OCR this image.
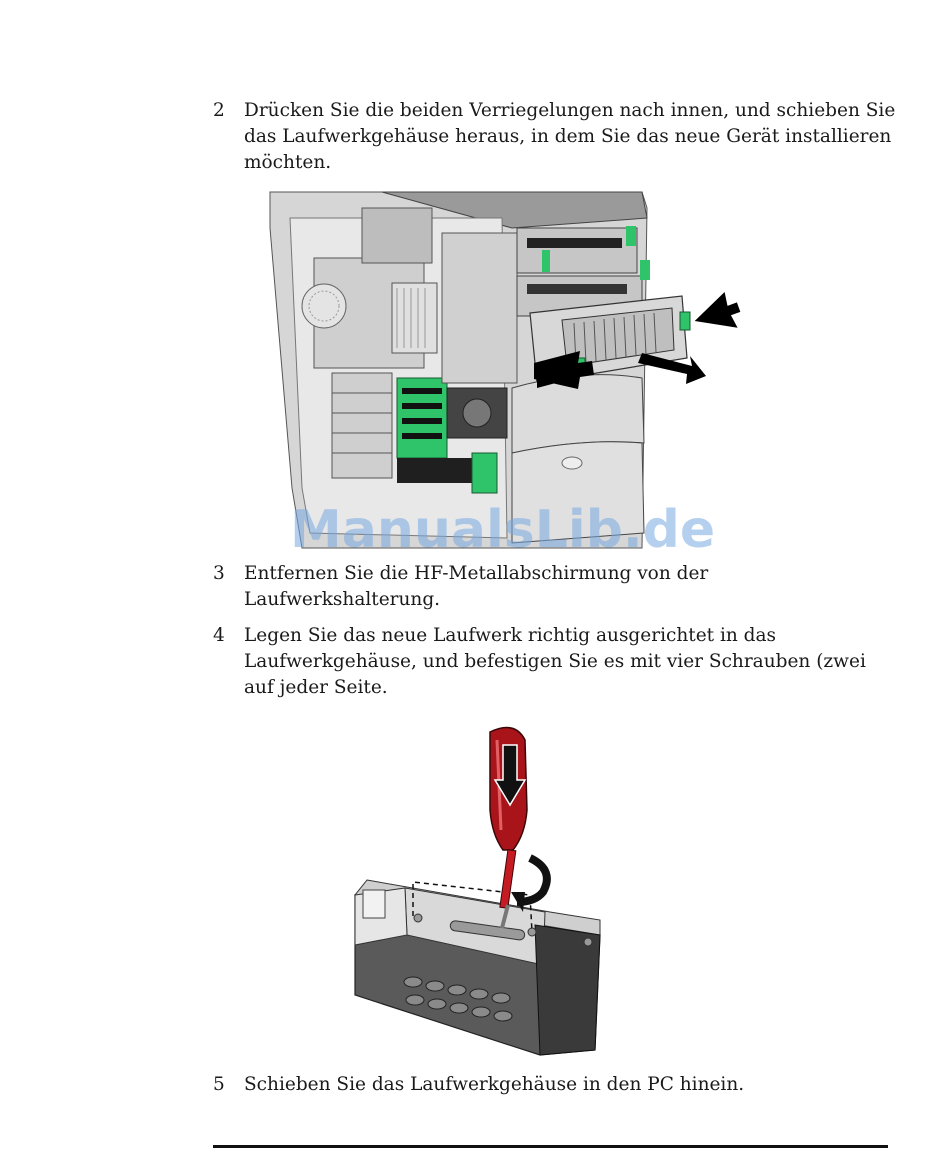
2	Drücken Sie die beiden Verriegelungen nach innen, und schieben Sie
das Laufwerkgehäuse heraus, in dem Sie das neue Gerät installieren
möchten.
ManualsLib.de
3	Entfernen Sie die HF-Metallabschirmung von der
Laufwerkshalterung.
4	Legen Sie das neue Laufwerk richtig ausgerichtet in das
Laufwerkgehäuse, und befestigen Sie es mit vier Schrauben (zwei
auf jeder Seite.
5	Schieben Sie das Laufwerkgehäuse in den PC hinein.
